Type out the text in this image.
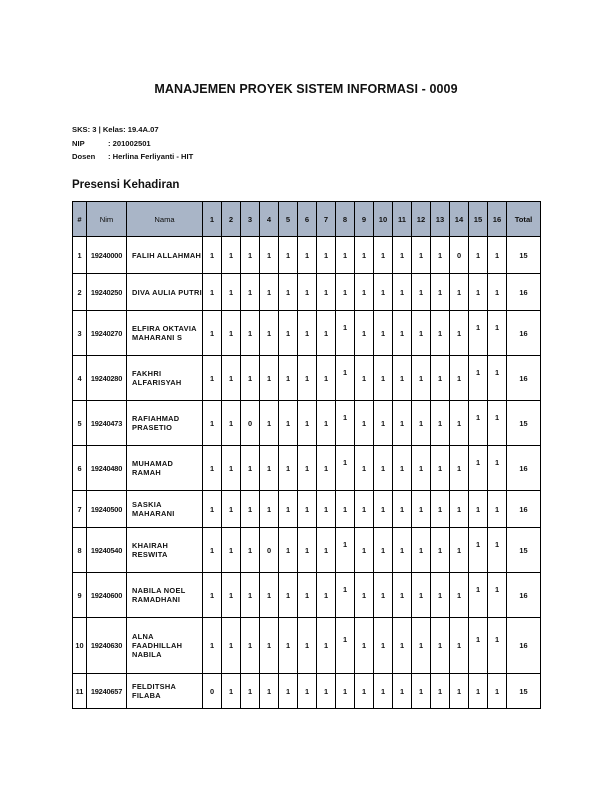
MANAJEMEN PROYEK SISTEM INFORMASI - 0009
SKS: 3 | Kelas: 19.4A.07
NIP	: 201002501
Dosen	: Herlina Ferliyanti - HIT
Presensi Kehadiran
#	Nim	Nama	1	2	3	4	5	6	7	8	9	10	11	12	13	14	15	16	Total
1	19240000	FALIH ALLAHMAH	1	1	1	1	1	1	1	1	1	1	1	1	1	0	1	1	15
2	19240250	DIVA AULIA PUTRI	1	1	1	1	1	1	1	1	1	1	1	1	1	1	1	1	16
3	19240270	ELFIRA OKTAVIA MAHARANI S	1	1	1	1	1	1	1	1	1	1	1	1	1	1	1	1	16
4	19240280	FAKHRI ALFARISYAH	1	1	1	1	1	1	1	1	1	1	1	1	1	1	1	1	16
5	19240473	RAFIAHMAD PRASETIO	1	1	0	1	1	1	1	1	1	1	1	1	1	1	1	1	15
6	19240480	MUHAMAD RAMAH	1	1	1	1	1	1	1	1	1	1	1	1	1	1	1	1	16
7	19240500	SASKIA MAHARANI	1	1	1	1	1	1	1	1	1	1	1	1	1	1	1	1	16
8	19240540	KHAIRAH RESWITA	1	1	1	0	1	1	1	1	1	1	1	1	1	1	1	1	15
9	19240600	NABILA NOEL RAMADHANI	1	1	1	1	1	1	1	1	1	1	1	1	1	1	1	1	16
10	19240630	ALNA FAADHILLAH NABILA	1	1	1	1	1	1	1	1	1	1	1	1	1	1	1	1	16
11	19240657	FELDITSHA FILABA	0	1	1	1	1	1	1	1	1	1	1	1	1	1	1	1	15
